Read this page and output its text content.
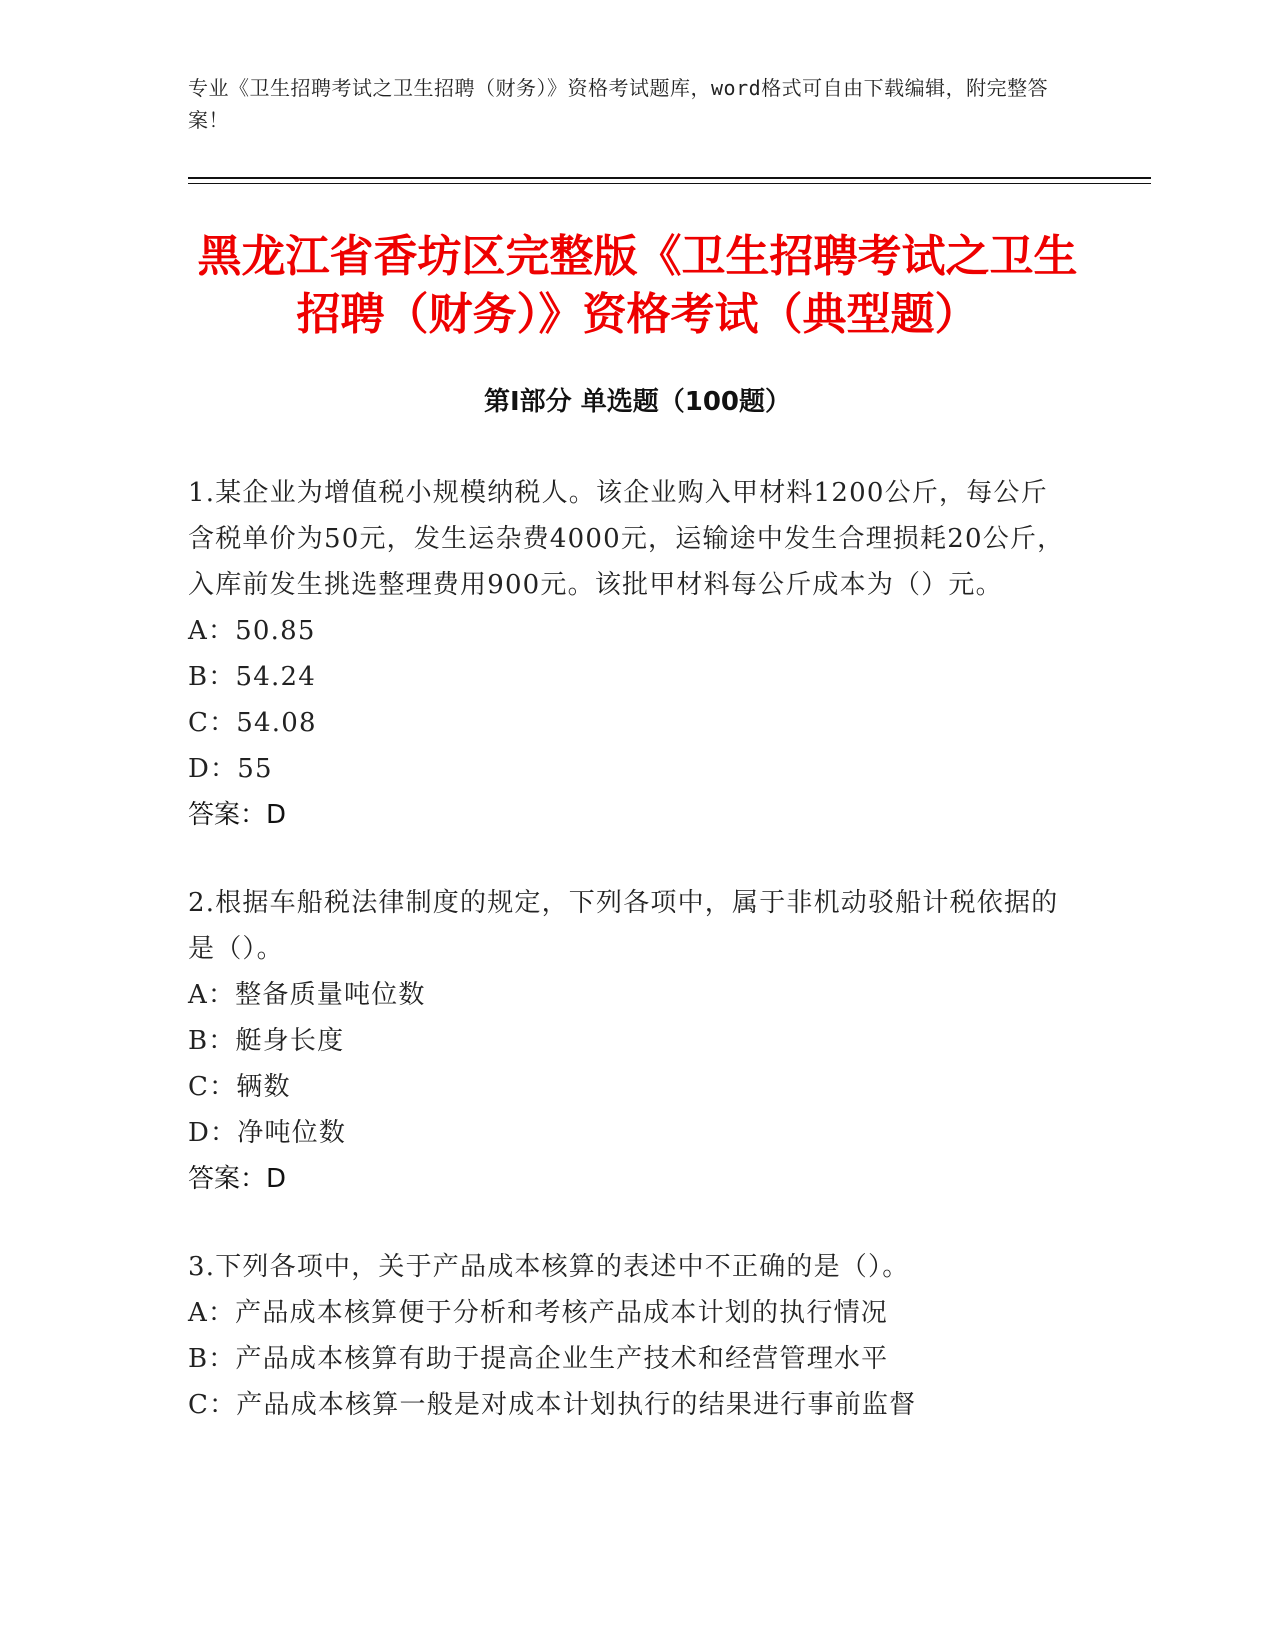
专业《卫生招聘考试之卫生招聘（财务）》资格考试题库，word格式可自由下载编辑，附完整答案！
黑龙江省香坊区完整版《卫生招聘考试之卫生招聘（财务）》资格考试（典型题）
第Ⅰ部分 单选题（100题）

1.某企业为增值税小规模纳税人。该企业购入甲材料1200公斤，每公斤含税单价为50元，发生运杂费4000元，运输途中发生合理损耗20公斤，入库前发生挑选整理费用900元。该批甲材料每公斤成本为（）元。

A：50.85

B：54.24

C：54.08

D：55

答案：D

2.根据车船税法律制度的规定，下列各项中，属于非机动驳船计税依据的是（）。

A：整备质量吨位数

B：艇身长度

C：辆数

D：净吨位数

答案：D

3.下列各项中，关于产品成本核算的表述中不正确的是（）。

A：产品成本核算便于分析和考核产品成本计划的执行情况

B：产品成本核算有助于提高企业生产技术和经营管理水平

C：产品成本核算一般是对成本计划执行的结果进行事前监督
